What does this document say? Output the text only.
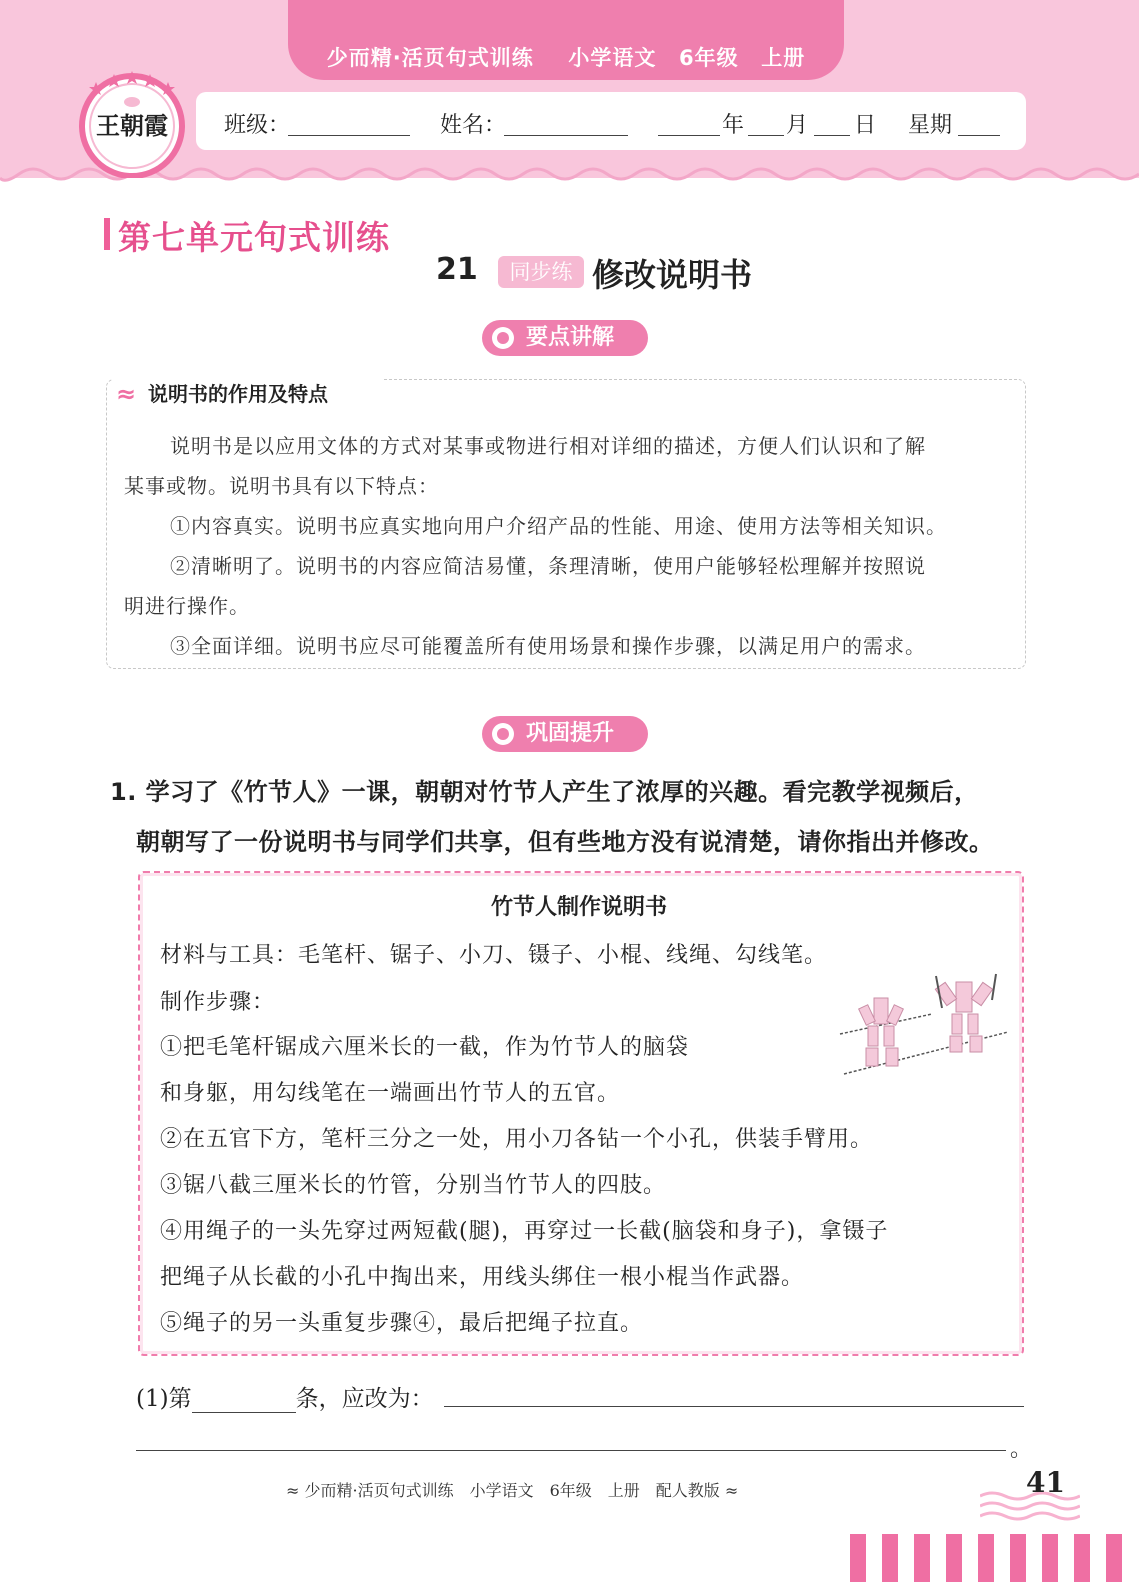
少而精·活页句式训练 小学语文 6年级 上册
王朝霞	班级：	姓名：	年 月 日 星期
第七单元句式训练
21	同步练 修改说明书
要点讲解
≈ 说明书的作用及特点
说明书是以应用文体的方式对某事或物进行相对详细的描述，方便人们认识和了解
某事或物。说明书具有以下特点：
①内容真实。说明书应真实地向用户介绍产品的性能、用途、使用方法等相关知识。
②清晰明了。说明书的内容应简洁易懂，条理清晰，使用户能够轻松理解并按照说
明进行操作。
③全面详细。说明书应尽可能覆盖所有使用场景和操作步骤，以满足用户的需求。
巩固提升
1. 学习了《竹节人》一课，朝朝对竹节人产生了浓厚的兴趣。看完教学视频后，
朝朝写了一份说明书与同学们共享，但有些地方没有说清楚，请你指出并修改。
竹节人制作说明书
材料与工具：毛笔杆、锯子、小刀、镊子、小棍、线绳、勾线笔。
制作步骤：
①把毛笔杆锯成六厘米长的一截，作为竹节人的脑袋
和身躯，用勾线笔在一端画出竹节人的五官。
②在五官下方，笔杆三分之一处，用小刀各钻一个小孔，供装手臂用。
③锯八截三厘米长的竹管，分别当竹节人的四肢。
④用绳子的一头先穿过两短截(腿)，再穿过一长截(脑袋和身子)，拿镊子
把绳子从长截的小孔中掏出来，用线头绑住一根小棍当作武器。
⑤绳子的另一头重复步骤④，最后把绳子拉直。
(1)第	条，应改为：
。
≈ 少而精·活页句式训练　小学语文　6年级　上册　配人教版 ≈	41
